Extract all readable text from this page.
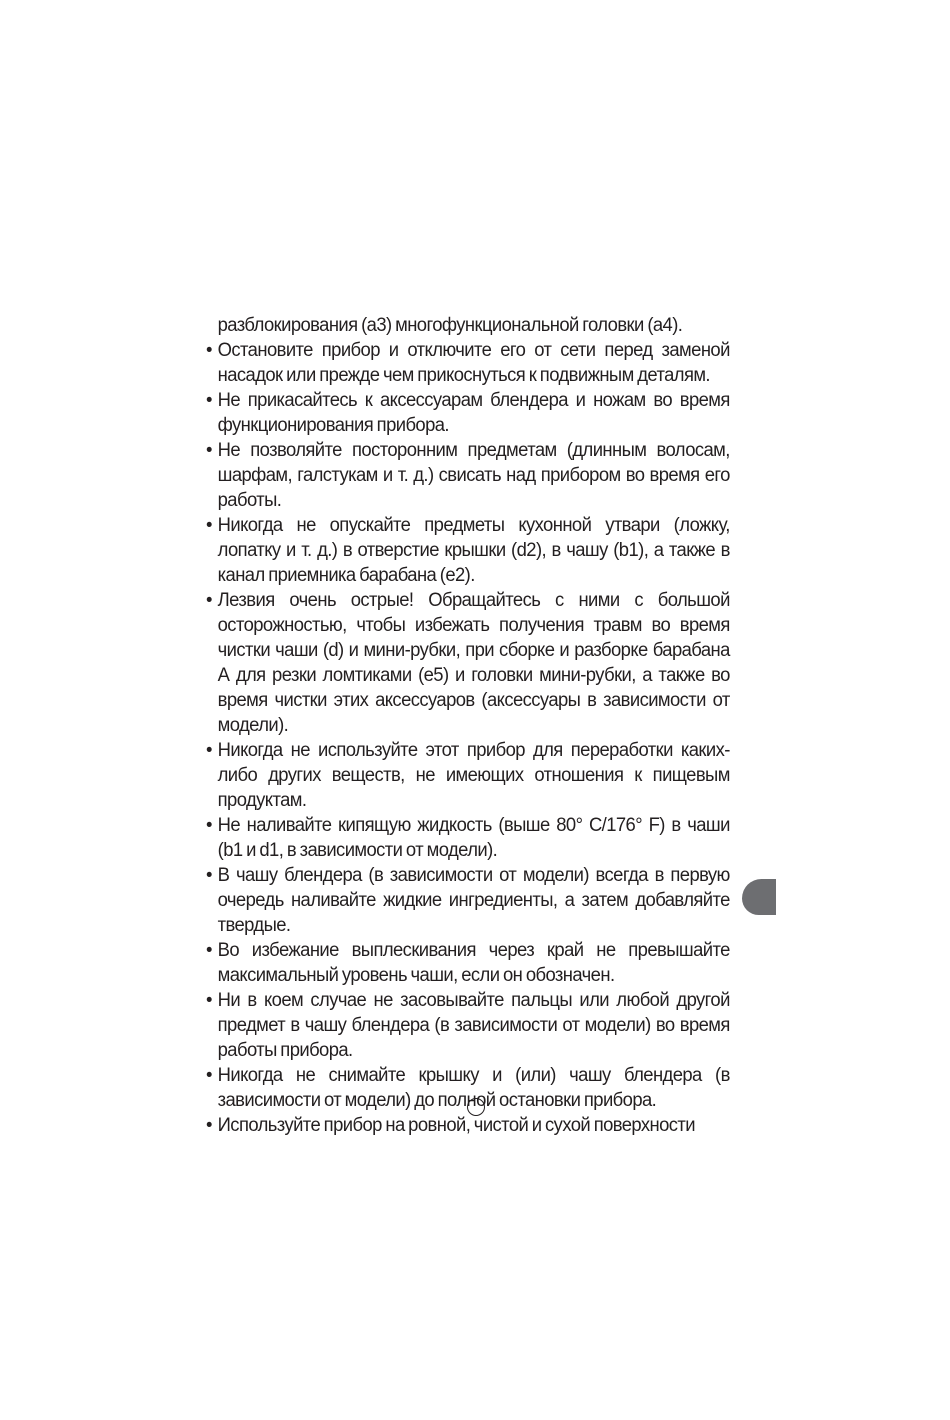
разблокирования (a3) многофункциональной головки (a4).

• Остановите прибор и отключите его от сети перед заменой насадок или прежде чем прикоснуться к подвижным деталям.
• Не прикасайтесь к аксессуарам блендера и ножам во время функционирования прибора.
• Не позволяйте посторонним предметам (длинным волосам, шарфам, галстукам и т. д.) свисать над прибором во время его работы.
• Никогда не опускайте предметы кухонной утвари (ложку, лопатку и т. д.) в отверстие крышки (d2), в чашу (b1), а также в канал приемника барабана (e2).
• Лезвия очень острые! Обращайтесь с ними с большой осторожностью, чтобы избежать получения травм во время чистки чаши (d) и мини-рубки, при сборке и разборке барабана А для резки ломтиками (e5) и головки мини-рубки, а также во время чистки этих аксессуаров (аксессуары в зависимости от модели).
• Никогда не используйте этот прибор для переработки каких-либо других веществ, не имеющих отношения к пищевым продуктам.
• Не наливайте кипящую жидкость (выше 80° C/176° F) в чаши (b1 и d1, в зависимости от модели).
• В чашу блендера (в зависимости от модели) всегда в первую очередь наливайте жидкие ингредиенты, а затем добавляйте твердые.
• Во избежание выплескивания через край не превышайте максимальный уровень чаши, если он обозначен.
• Ни в коем случае не засовывайте пальцы или любой другой предмет в чашу блендера (в зависимости от модели) во время работы прибора.
• Никогда не снимайте крышку и (или) чашу блендера (в зависимости от модели) до полной остановки прибора.
• Используйте прибор на ровной, чистой и сухой поверхности
